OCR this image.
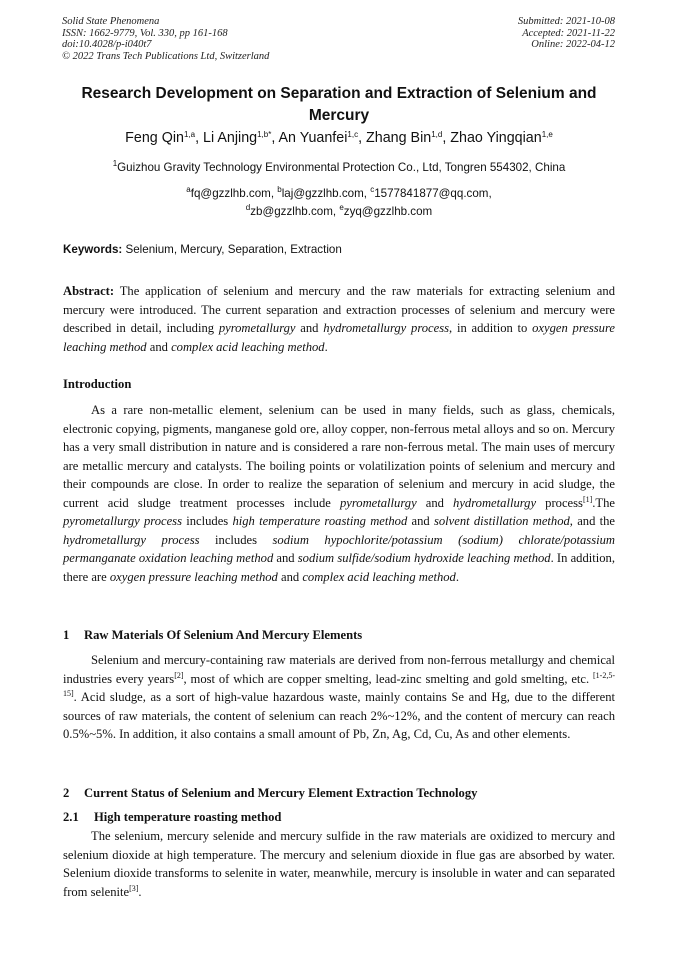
Solid State Phenomena
ISSN: 1662-9779, Vol. 330, pp 161-168
doi:10.4028/p-i040t7
© 2022 Trans Tech Publications Ltd, Switzerland
Submitted: 2021-10-08
Accepted: 2021-11-22
Online: 2022-04-12
Research Development on Separation and Extraction of Selenium and Mercury
Feng Qin$^{1,a}$, Li Anjing$^{1,b*}$, An Yuanfei$^{1,c}$, Zhang Bin$^{1,d}$, Zhao Yingqian$^{1,e}$
$^1$Guizhou Gravity Technology Environmental Protection Co., Ltd, Tongren 554302, China
$^a$fq@gzzlhb.com, $^b$laj@gzzlhb.com, $^c$1577841877@qq.com,
$^d$zb@gzzlhb.com, $^e$zyq@gzzlhb.com
Keywords: Selenium, Mercury, Separation, Extraction
Abstract: The application of selenium and mercury and the raw materials for extracting selenium and mercury were introduced. The current separation and extraction processes of selenium and mercury were described in detail, including pyrometallurgy and hydrometallurgy process, in addition to oxygen pressure leaching method and complex acid leaching method.
Introduction
As a rare non-metallic element, selenium can be used in many fields, such as glass, chemicals, electronic copying, pigments, manganese gold ore, alloy copper, non-ferrous metal alloys and so on. Mercury has a very small distribution in nature and is considered a rare non-ferrous metal. The main uses of mercury are metallic mercury and catalysts. The boiling points or volatilization points of selenium and mercury and their compounds are close. In order to realize the separation of selenium and mercury in acid sludge, the current acid sludge treatment processes include pyrometallurgy and hydrometallurgy process[1].The pyrometallurgy process includes high temperature roasting method and solvent distillation method, and the hydrometallurgy process includes sodium hypochlorite/potassium (sodium) chlorate/potassium permanganate oxidation leaching method and sodium sulfide/sodium hydroxide leaching method. In addition, there are oxygen pressure leaching method and complex acid leaching method.
1 Raw Materials Of Selenium And Mercury Elements
Selenium and mercury-containing raw materials are derived from non-ferrous metallurgy and chemical industries every years[2], most of which are copper smelting, lead-zinc smelting and gold smelting, etc. [1-2,5-15]. Acid sludge, as a sort of high-value hazardous waste, mainly contains Se and Hg, due to the different sources of raw materials, the content of selenium can reach 2%~12%, and the content of mercury can reach 0.5%~5%. In addition, it also contains a small amount of Pb, Zn, Ag, Cd, Cu, As and other elements.
2 Current Status of Selenium and Mercury Element Extraction Technology
2.1 High temperature roasting method
The selenium, mercury selenide and mercury sulfide in the raw materials are oxidized to mercury and selenium dioxide at high temperature. The mercury and selenium dioxide in flue gas are absorbed by water. Selenium dioxide transforms to selenite in water, meanwhile, mercury is insoluble in water and can separated from selenite[3].
